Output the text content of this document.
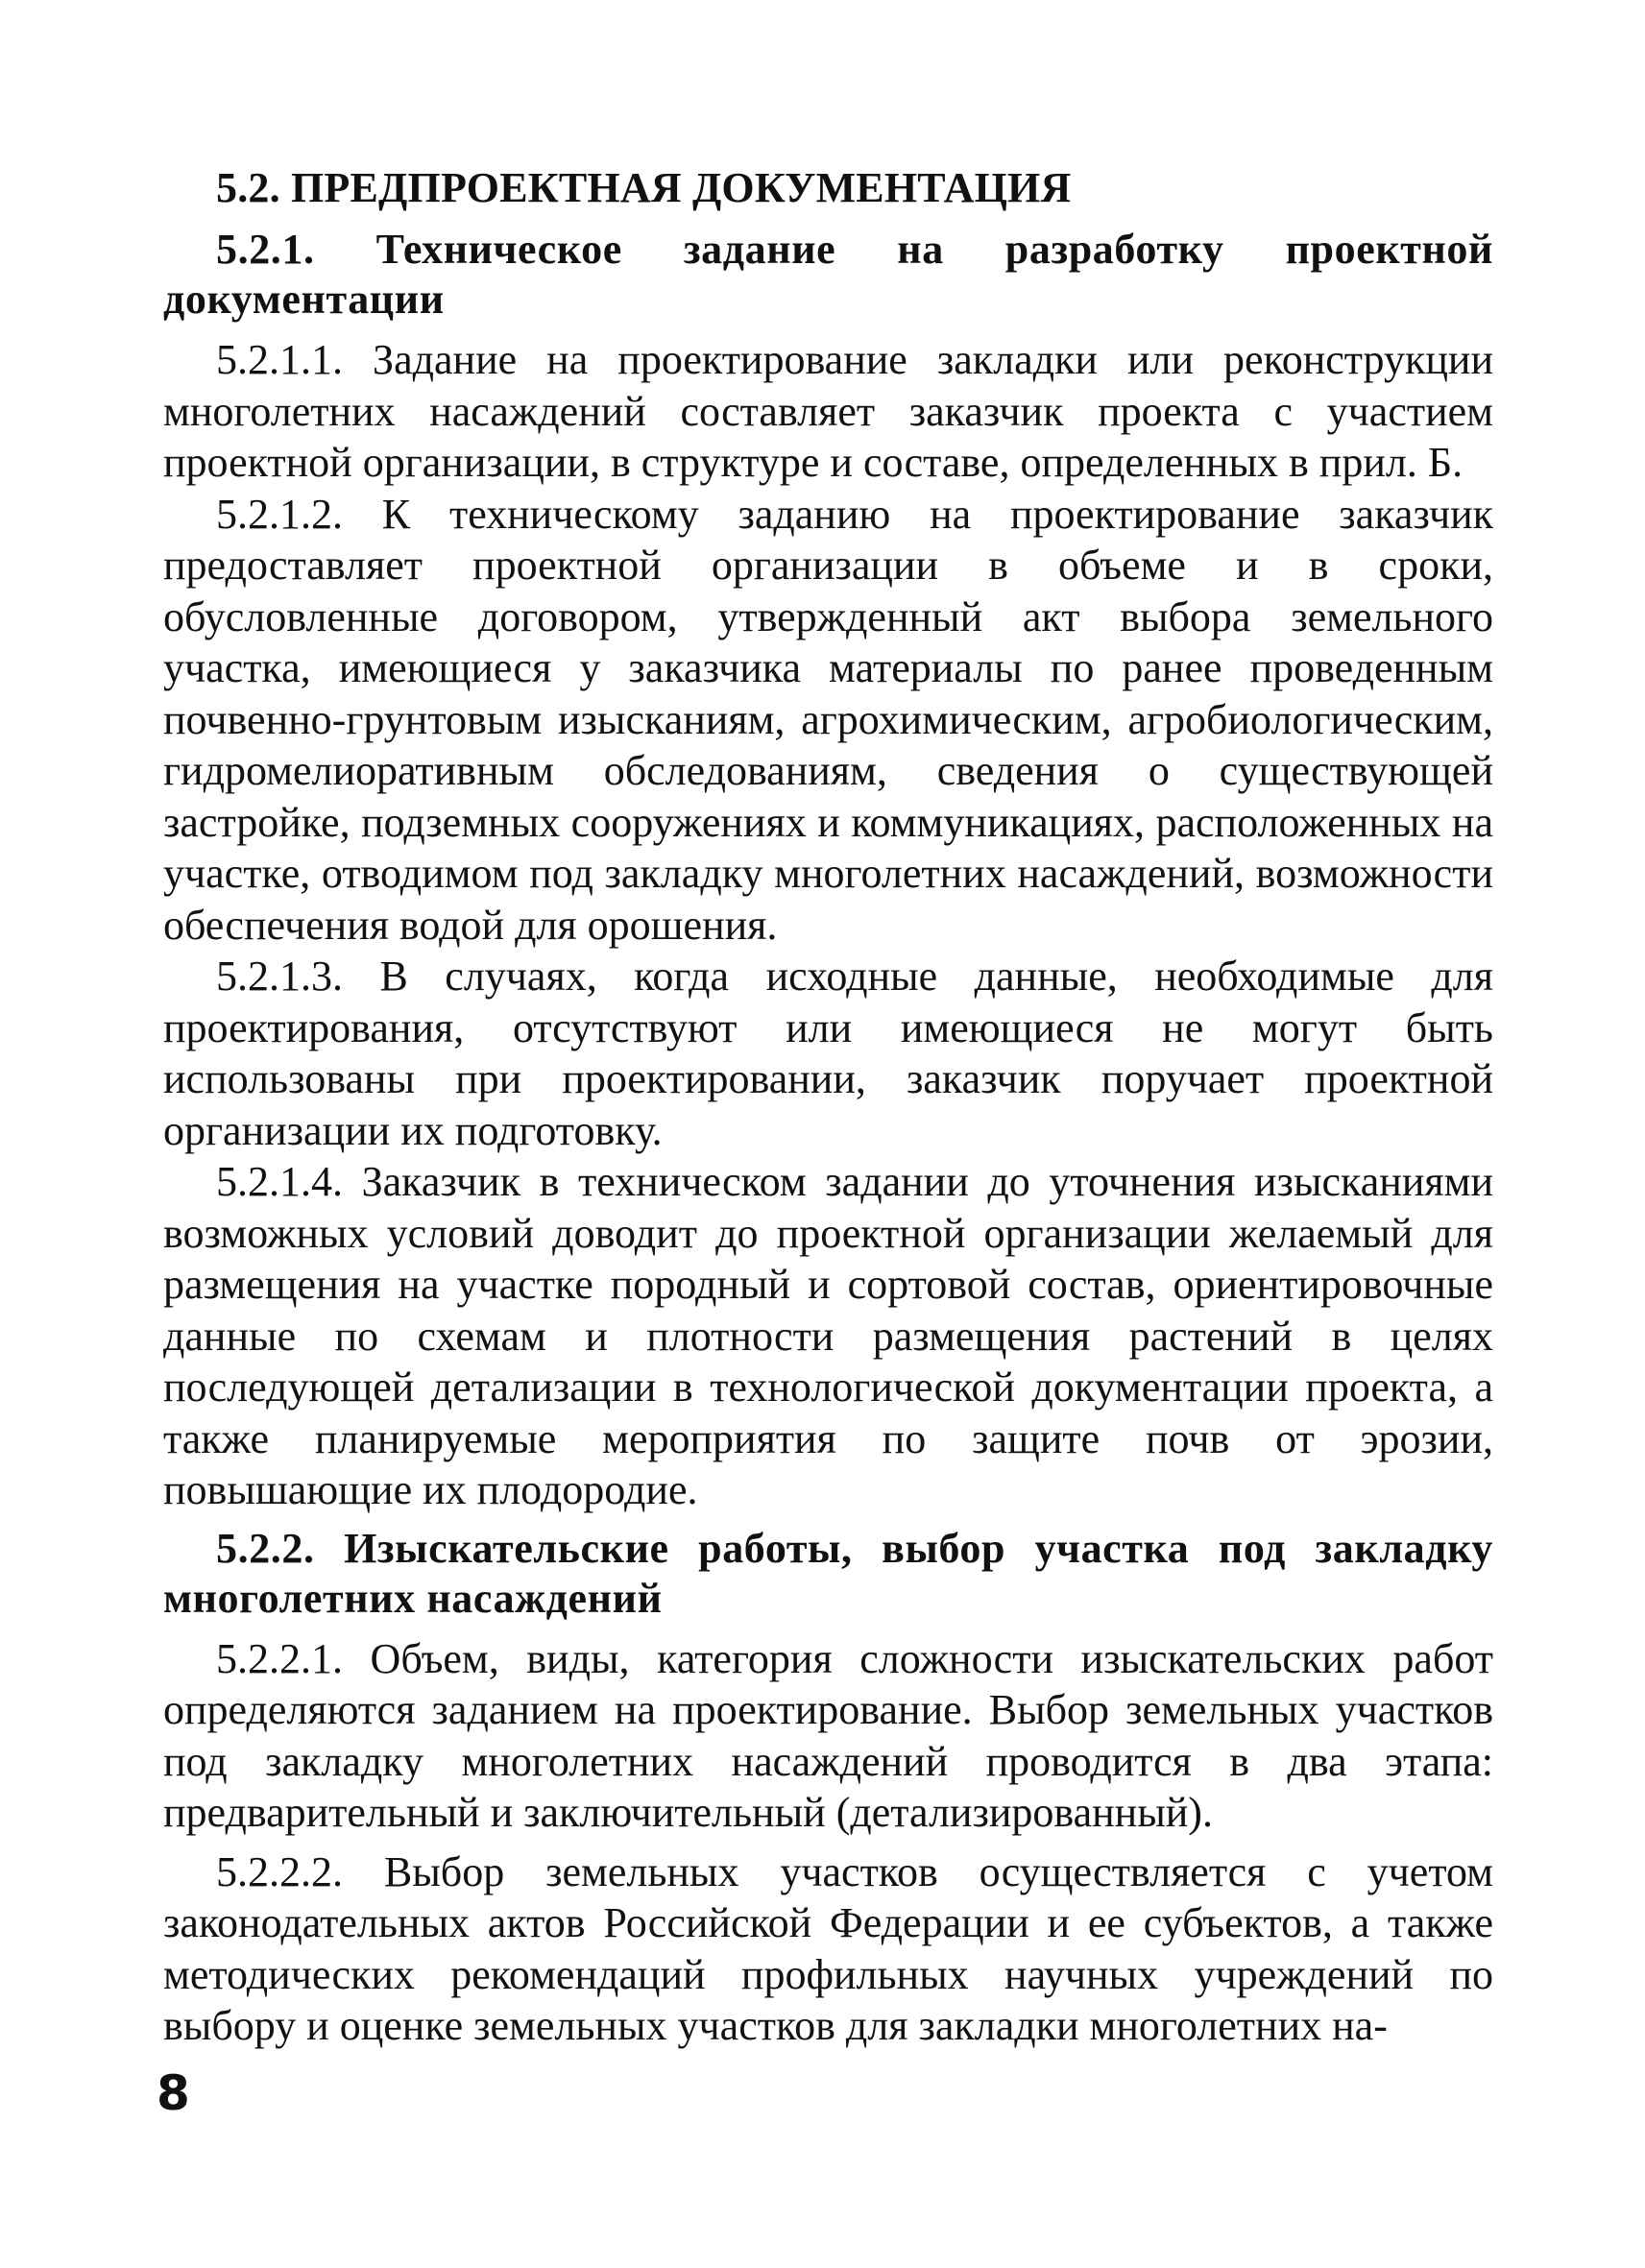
5.2. ПРЕДПРОЕКТНАЯ ДОКУМЕНТАЦИЯ
5.2.1. Техническое задание на разработку проектной документации

5.2.1.1. Задание на проектирование закладки или реконструкции многолетних насаждений составляет заказчик проекта с участием проектной организации, в структуре и составе, определенных в прил. Б.

5.2.1.2. К техническому заданию на проектирование заказчик предоставляет проектной организации в объеме и в сроки, обусловленные договором, утвержденный акт выбора земельного участка, имеющиеся у заказчика материалы по ранее проведенным почвенно-грунтовым изысканиям, агрохимическим, агробиологическим, гидромелиоративным обследованиям, сведения о существующей застройке, подземных сооружениях и коммуникациях, расположенных на участке, отводимом под закладку многолетних насаждений, возможности обеспечения водой для орошения.

5.2.1.3. В случаях, когда исходные данные, необходимые для проектирования, отсутствуют или имеющиеся не могут быть использованы при проектировании, заказчик поручает проектной организации их подготовку.

5.2.1.4. Заказчик в техническом задании до уточнения изысканиями возможных условий доводит до проектной организации желаемый для размещения на участке породный и сортовой состав, ориентировочные данные по схемам и плотности размещения растений в целях последующей детализации в технологической документации проекта, а также планируемые мероприятия по защите почв от эрозии, повышающие их плодородие.

5.2.2. Изыскательские работы, выбор участка под закладку многолетних насаждений

5.2.2.1. Объем, виды, категория сложности изыскательских работ определяются заданием на проектирование. Выбор земельных участков под закладку многолетних насаждений проводится в два этапа: предварительный и заключительный (детализированный).

5.2.2.2. Выбор земельных участков осуществляется с учетом законодательных актов Российской Федерации и ее субъектов, а также методических рекомендаций профильных научных учреждений по выбору и оценке земельных участков для закладки многолетних на-

8
